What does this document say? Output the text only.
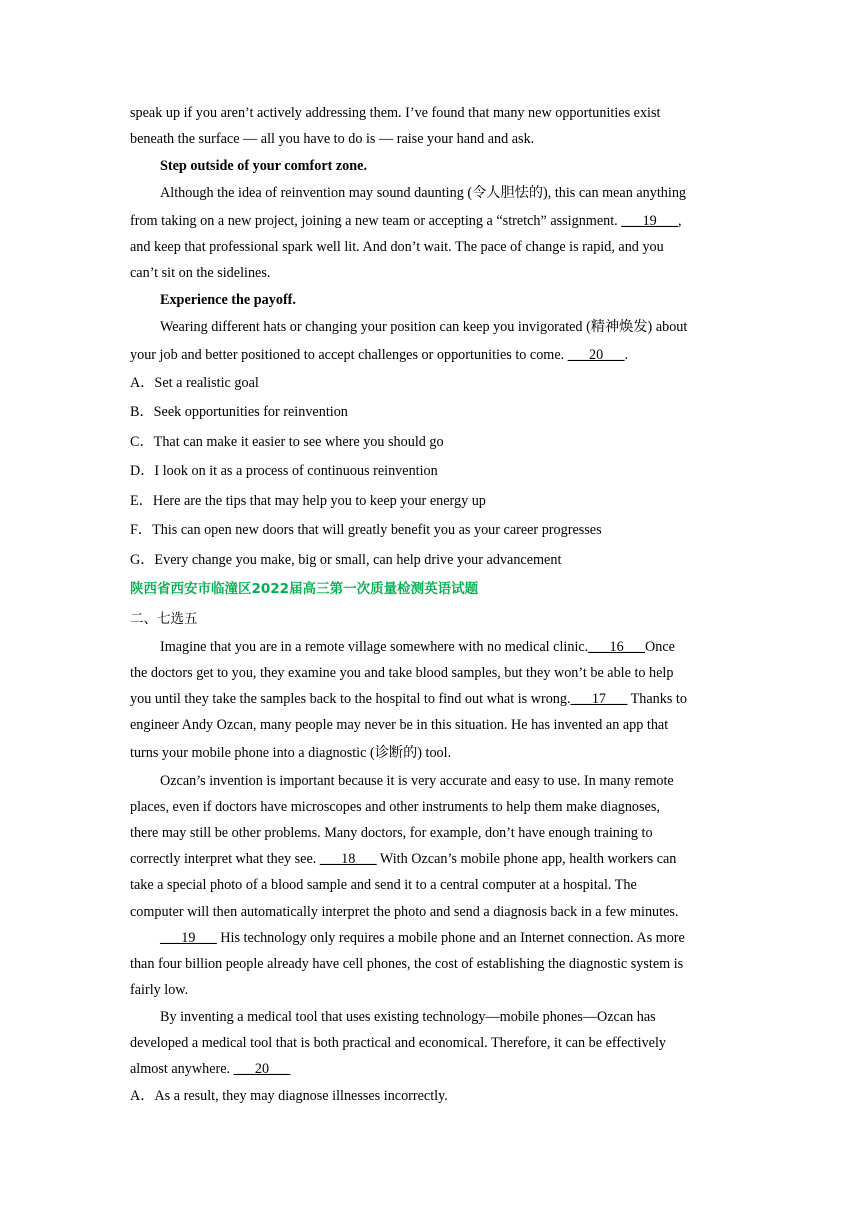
speak up if you aren’t actively addressing them. I’ve found that many new opportunities exist
beneath the surface — all you have to do is — raise your hand and ask.
Step outside of your comfort zone.
Although the idea of reinvention may sound daunting (令人胆怯的), this can mean anything
from taking on a new project, joining a new team or accepting a “stretch” assignment. ___19___,
and keep that professional spark well lit. And don’t wait. The pace of change is rapid, and you
can’t sit on the sidelines.
Experience the payoff.
Wearing different hats or changing your position can keep you invigorated (精神焕发) about
your job and better positioned to accept challenges or opportunities to come. ___20___.
A．Set a realistic goal
B．Seek opportunities for reinvention
C．That can make it easier to see where you should go
D．I look on it as a process of continuous reinvention
E．Here are the tips that may help you to keep your energy up
F．This can open new doors that will greatly benefit you as your career progresses
G．Every change you make, big or small, can help drive your advancement
陕西省西安市临潼区2022届高三第一次质量检测英语试题
二、七选五
Imagine that you are in a remote village somewhere with no medical clinic.___16___Once
the doctors get to you, they examine you and take blood samples, but they won’t be able to help
you until they take the samples back to the hospital to find out what is wrong.___17___ Thanks to
engineer Andy Ozcan, many people may never be in this situation. He has invented an app that
turns your mobile phone into a diagnostic (诊断的) tool.
Ozcan’s invention is important because it is very accurate and easy to use. In many remote
places, even if doctors have microscopes and other instruments to help them make diagnoses,
there may still be other problems. Many doctors, for example, don’t have enough training to
correctly interpret what they see. ___18___ With Ozcan’s mobile phone app, health workers can
take a special photo of a blood sample and send it to a central computer at a hospital. The
computer will then automatically interpret the photo and send a diagnosis back in a few minutes.
___19___ His technology only requires a mobile phone and an Internet connection. As more
than four billion people already have cell phones, the cost of establishing the diagnostic system is
fairly low.
By inventing a medical tool that uses existing technology—mobile phones—Ozcan has
developed a medical tool that is both practical and economical. Therefore, it can be effectively
almost anywhere. ___20___
A．As a result, they may diagnose illnesses incorrectly.
